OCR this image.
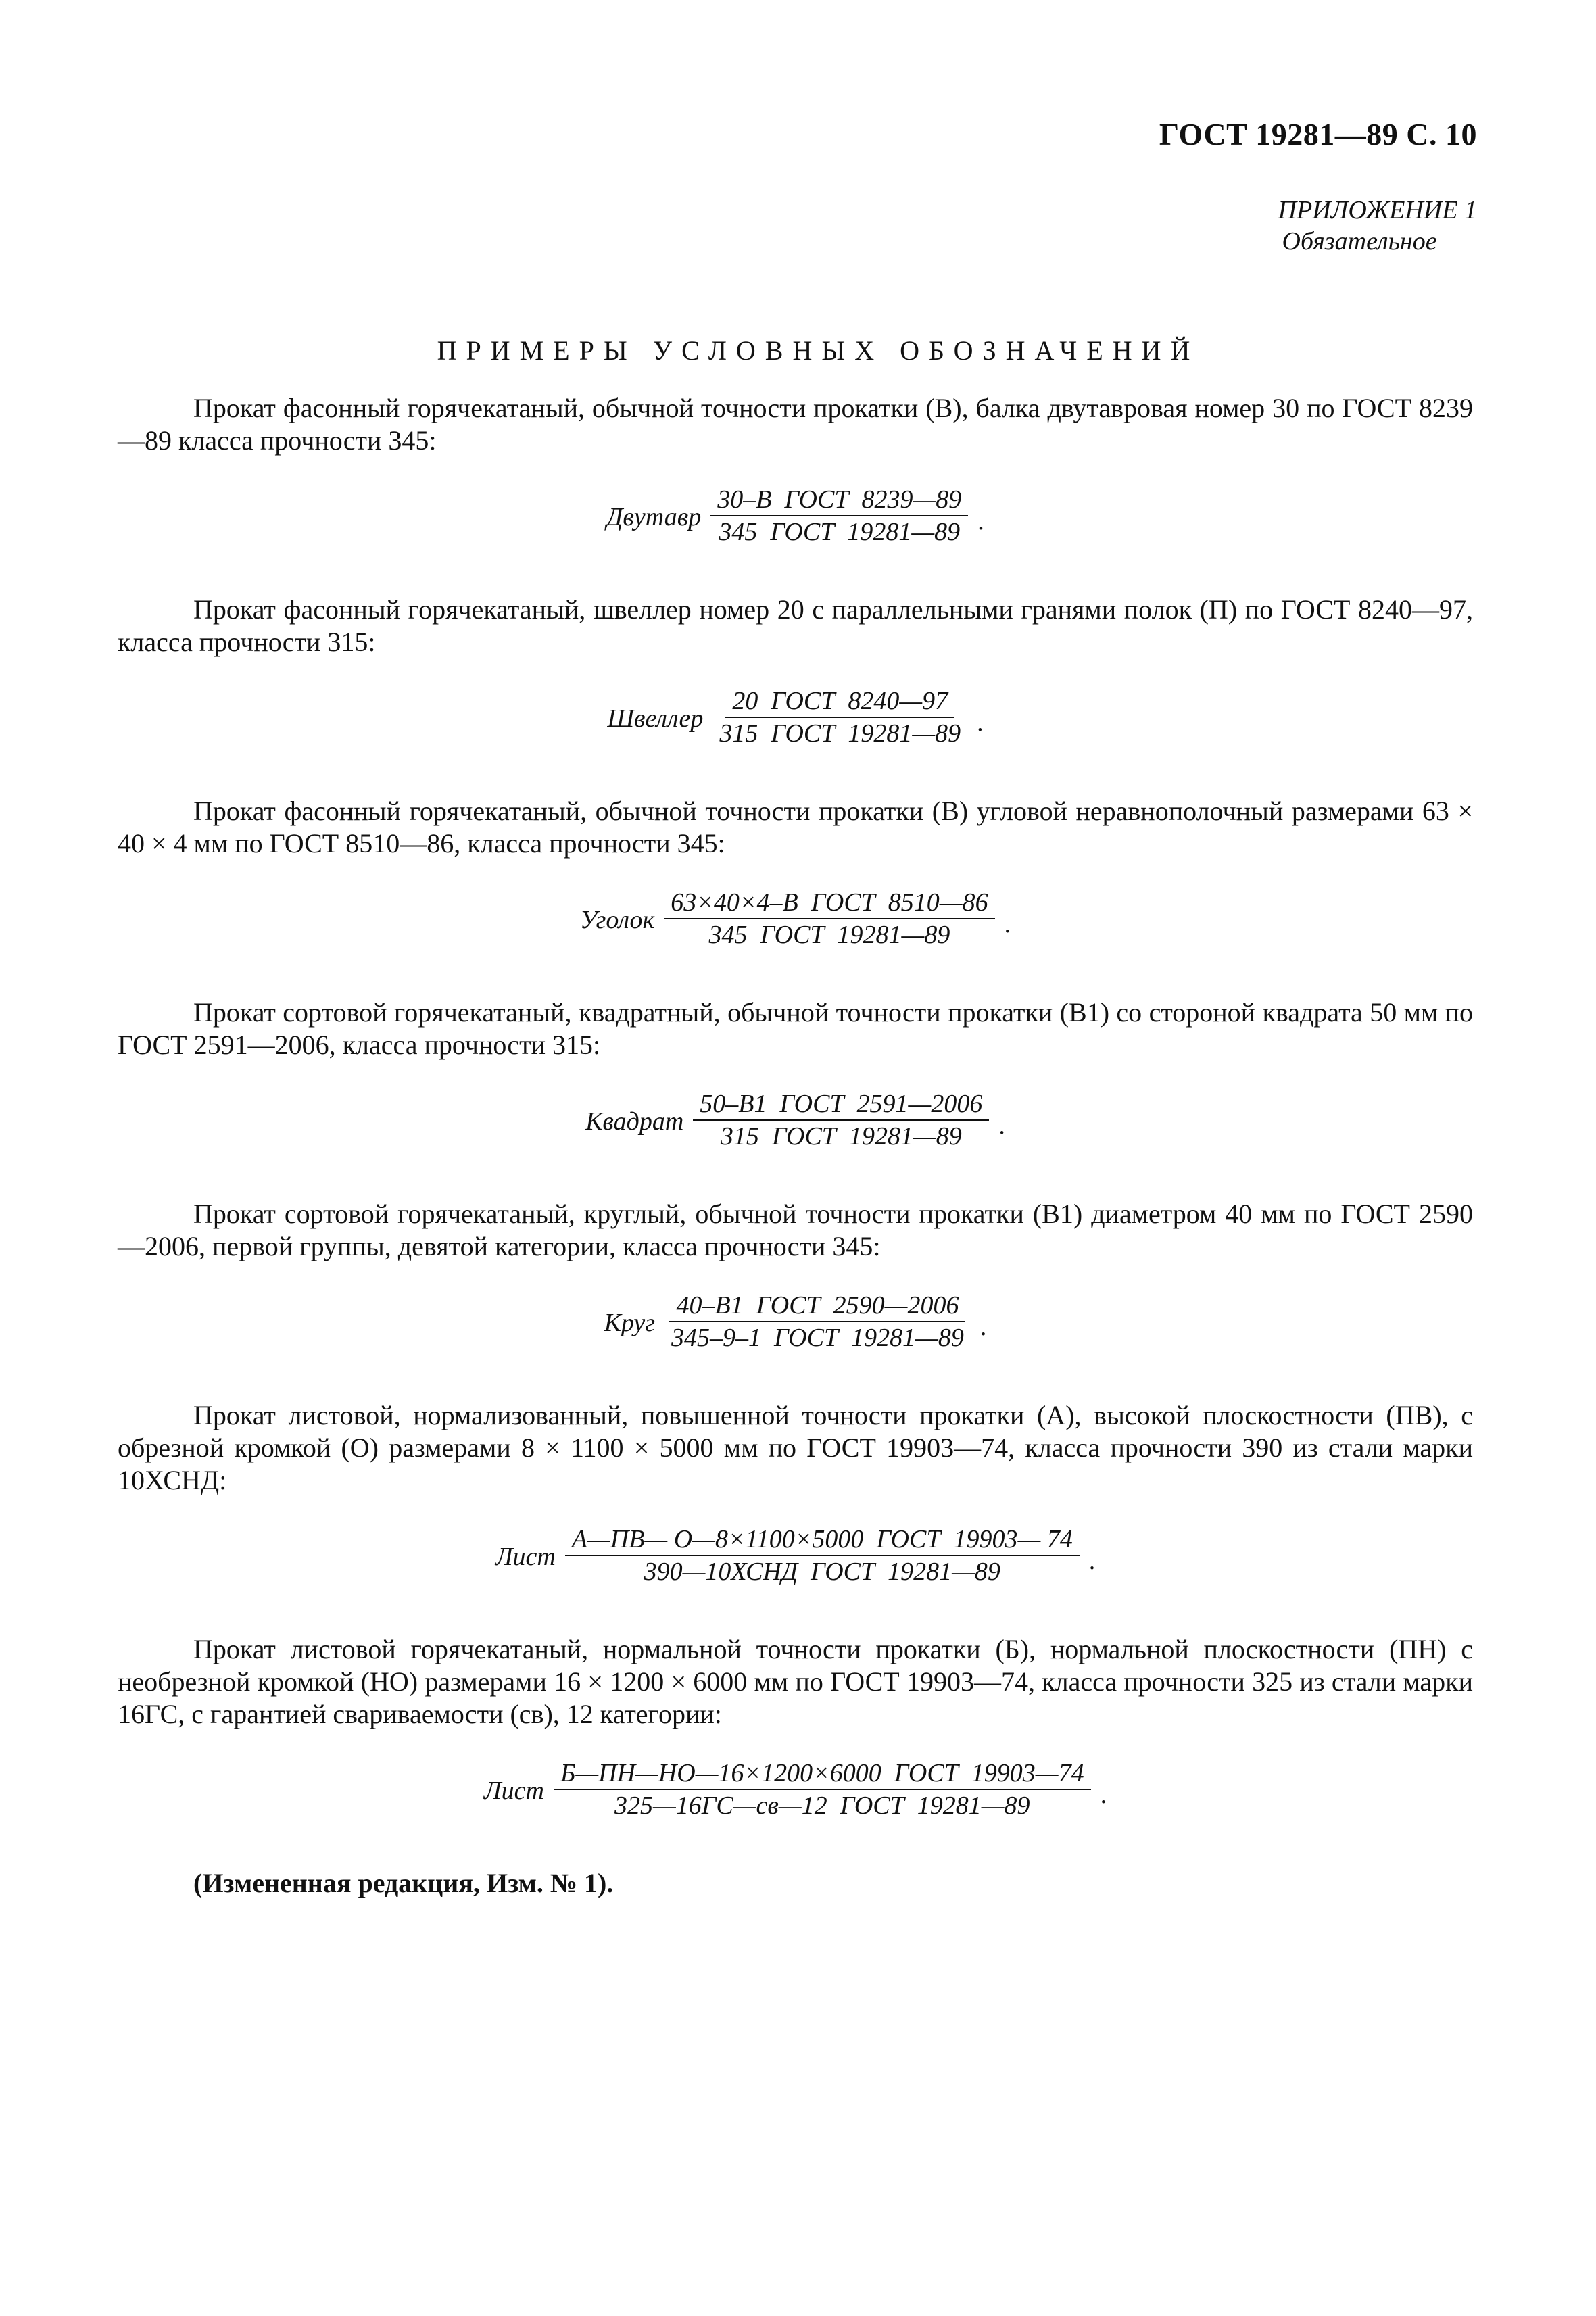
ГОСТ 19281—89 С. 10
ПРИЛОЖЕНИЕ 1
Обязательное
ПРИМЕРЫ УСЛОВНЫХ ОБОЗНАЧЕНИЙ

Прокат фасонный горячекатаный, обычной точности прокатки (В), балка двутавровая номер 30 по ГОСТ 8239—89 класса прочности 345:

Двутавр $\frac{\text{30–В  ГОСТ  8239—89}}{\text{345  ГОСТ  19281—89}}$ .

Прокат фасонный горячекатаный, швеллер номер 20 с параллельными гранями полок (П) по ГОСТ 8240—97, класса прочности 315:

Швеллер $\frac{\text{20  ГОСТ  8240—97}}{\text{315  ГОСТ  19281—89}}$ .

Прокат фасонный горячекатаный, обычной точности прокатки (В) угловой неравнополочный размерами 63 × 40 × 4 мм по ГОСТ 8510—86, класса прочности 345:

Уголок $\frac{\text{63×40×4–В  ГОСТ  8510—86}}{\text{345  ГОСТ  19281—89}}$ .

Прокат сортовой горячекатаный, квадратный, обычной точности прокатки (В1) со стороной квадрата 50 мм по ГОСТ 2591—2006, класса прочности 315:

Квадрат $\frac{\text{50–В1  ГОСТ  2591—2006}}{\text{315  ГОСТ  19281—89}}$ .

Прокат сортовой горячекатаный, круглый, обычной точности прокатки (В1) диаметром 40 мм по ГОСТ 2590—2006, первой группы, девятой категории, класса прочности 345:

Круг $\frac{\text{40–В1  ГОСТ  2590—2006}}{\text{345–9–1  ГОСТ  19281—89}}$ .

Прокат листовой, нормализованный, повышенной точности прокатки (А), высокой плоскостности (ПВ), с обрезной кромкой (О) размерами 8 × 1100 × 5000 мм по ГОСТ 19903—74, класса прочности 390 из стали марки 10ХСНД:

Лист $\frac{\text{А—ПВ— О—8×1100×5000  ГОСТ  19903— 74}}{\text{390—10ХСНД  ГОСТ  19281—89}}$ .

Прокат листовой горячекатаный, нормальной точности прокатки (Б), нормальной плоскостности (ПН) с необрезной кромкой (НО) размерами 16 × 1200 × 6000 мм по ГОСТ 19903—74, класса прочности 325 из стали марки 16ГС, с гарантией свариваемости (св), 12 категории:

Лист $\frac{\text{Б—ПН—НО—16×1200×6000  ГОСТ  19903—74}}{\text{325—16ГС—св—12  ГОСТ  19281—89}}$ .

(Измененная редакция, Изм. № 1).
